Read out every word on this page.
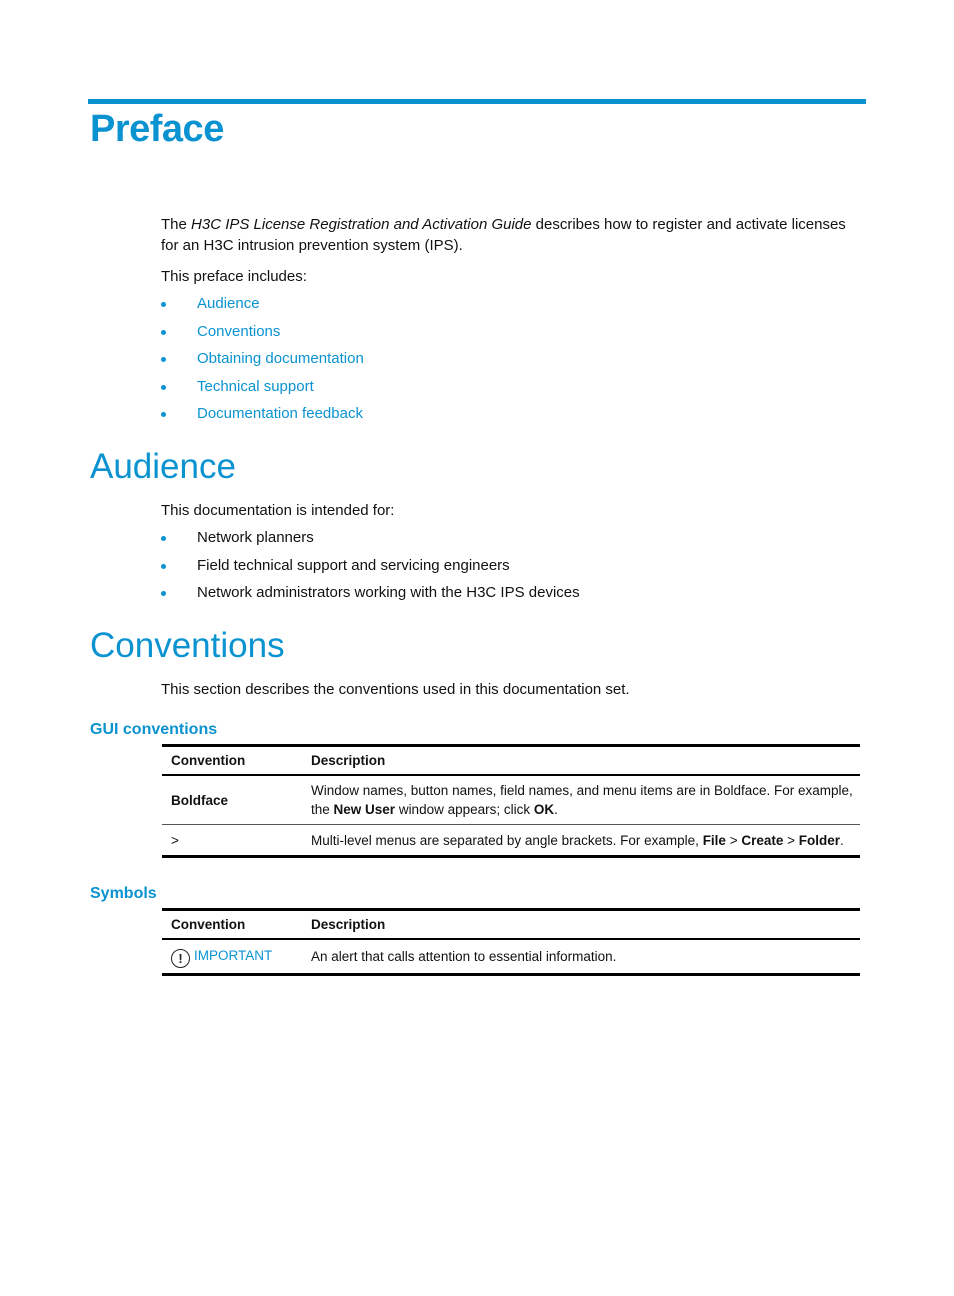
Preface
The H3C IPS License Registration and Activation Guide describes how to register and activate licenses for an H3C intrusion prevention system (IPS).
This preface includes:
Audience
Conventions
Obtaining documentation
Technical support
Documentation feedback
Audience
This documentation is intended for:
Network planners
Field technical support and servicing engineers
Network administrators working with the H3C IPS devices
Conventions
This section describes the conventions used in this documentation set.
GUI conventions
Convention	Description
Boldface	Window names, button names, field names, and menu items are in Boldface. For example, the New User window appears; click OK.
>	Multi-level menus are separated by angle brackets. For example, File > Create > Folder.
Symbols
Convention	Description
! IMPORTANT	An alert that calls attention to essential information.
